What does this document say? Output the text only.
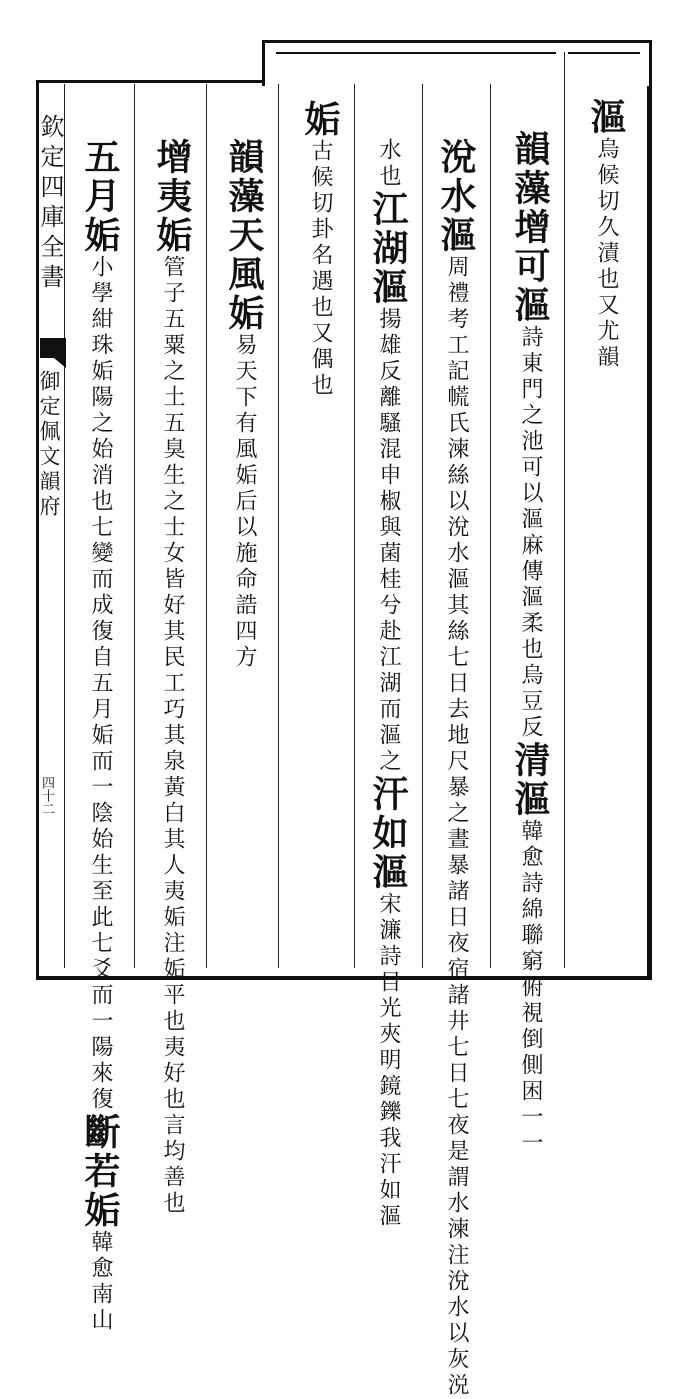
欽定四庫全書
御定佩文韻府
四十二

漚烏候切久漬也又尤韻

韻藻增可漚詩東門之池可以漚麻傳漚柔也烏豆反清漚韓愈詩綿聯窮俯視倒側困一一

涗水漚周禮考工記㡛氏湅絲以涗水漚其絲七日去地尺暴之晝暴諸日夜宿諸井七日七夜是謂水湅注涗水以灰涚

水也江湖漚揚雄反離騷混申椒與菌桂兮赴江湖而漚之汗如漚宋濂詩目光夾明鏡鑠我汗如漚

姤古候切卦名遇也又偶也

韻藻天風姤易天下有風姤后以施命誥四方

增夷姤管子五粟之土五臭生之士女皆好其民工巧其泉黃白其人夷姤注姤平也夷好也言均善也

五月姤小學紺珠姤陽之始消也七變而成復自五月姤而一陰始生至此七爻而一陽來復斷若姤韓愈南山
